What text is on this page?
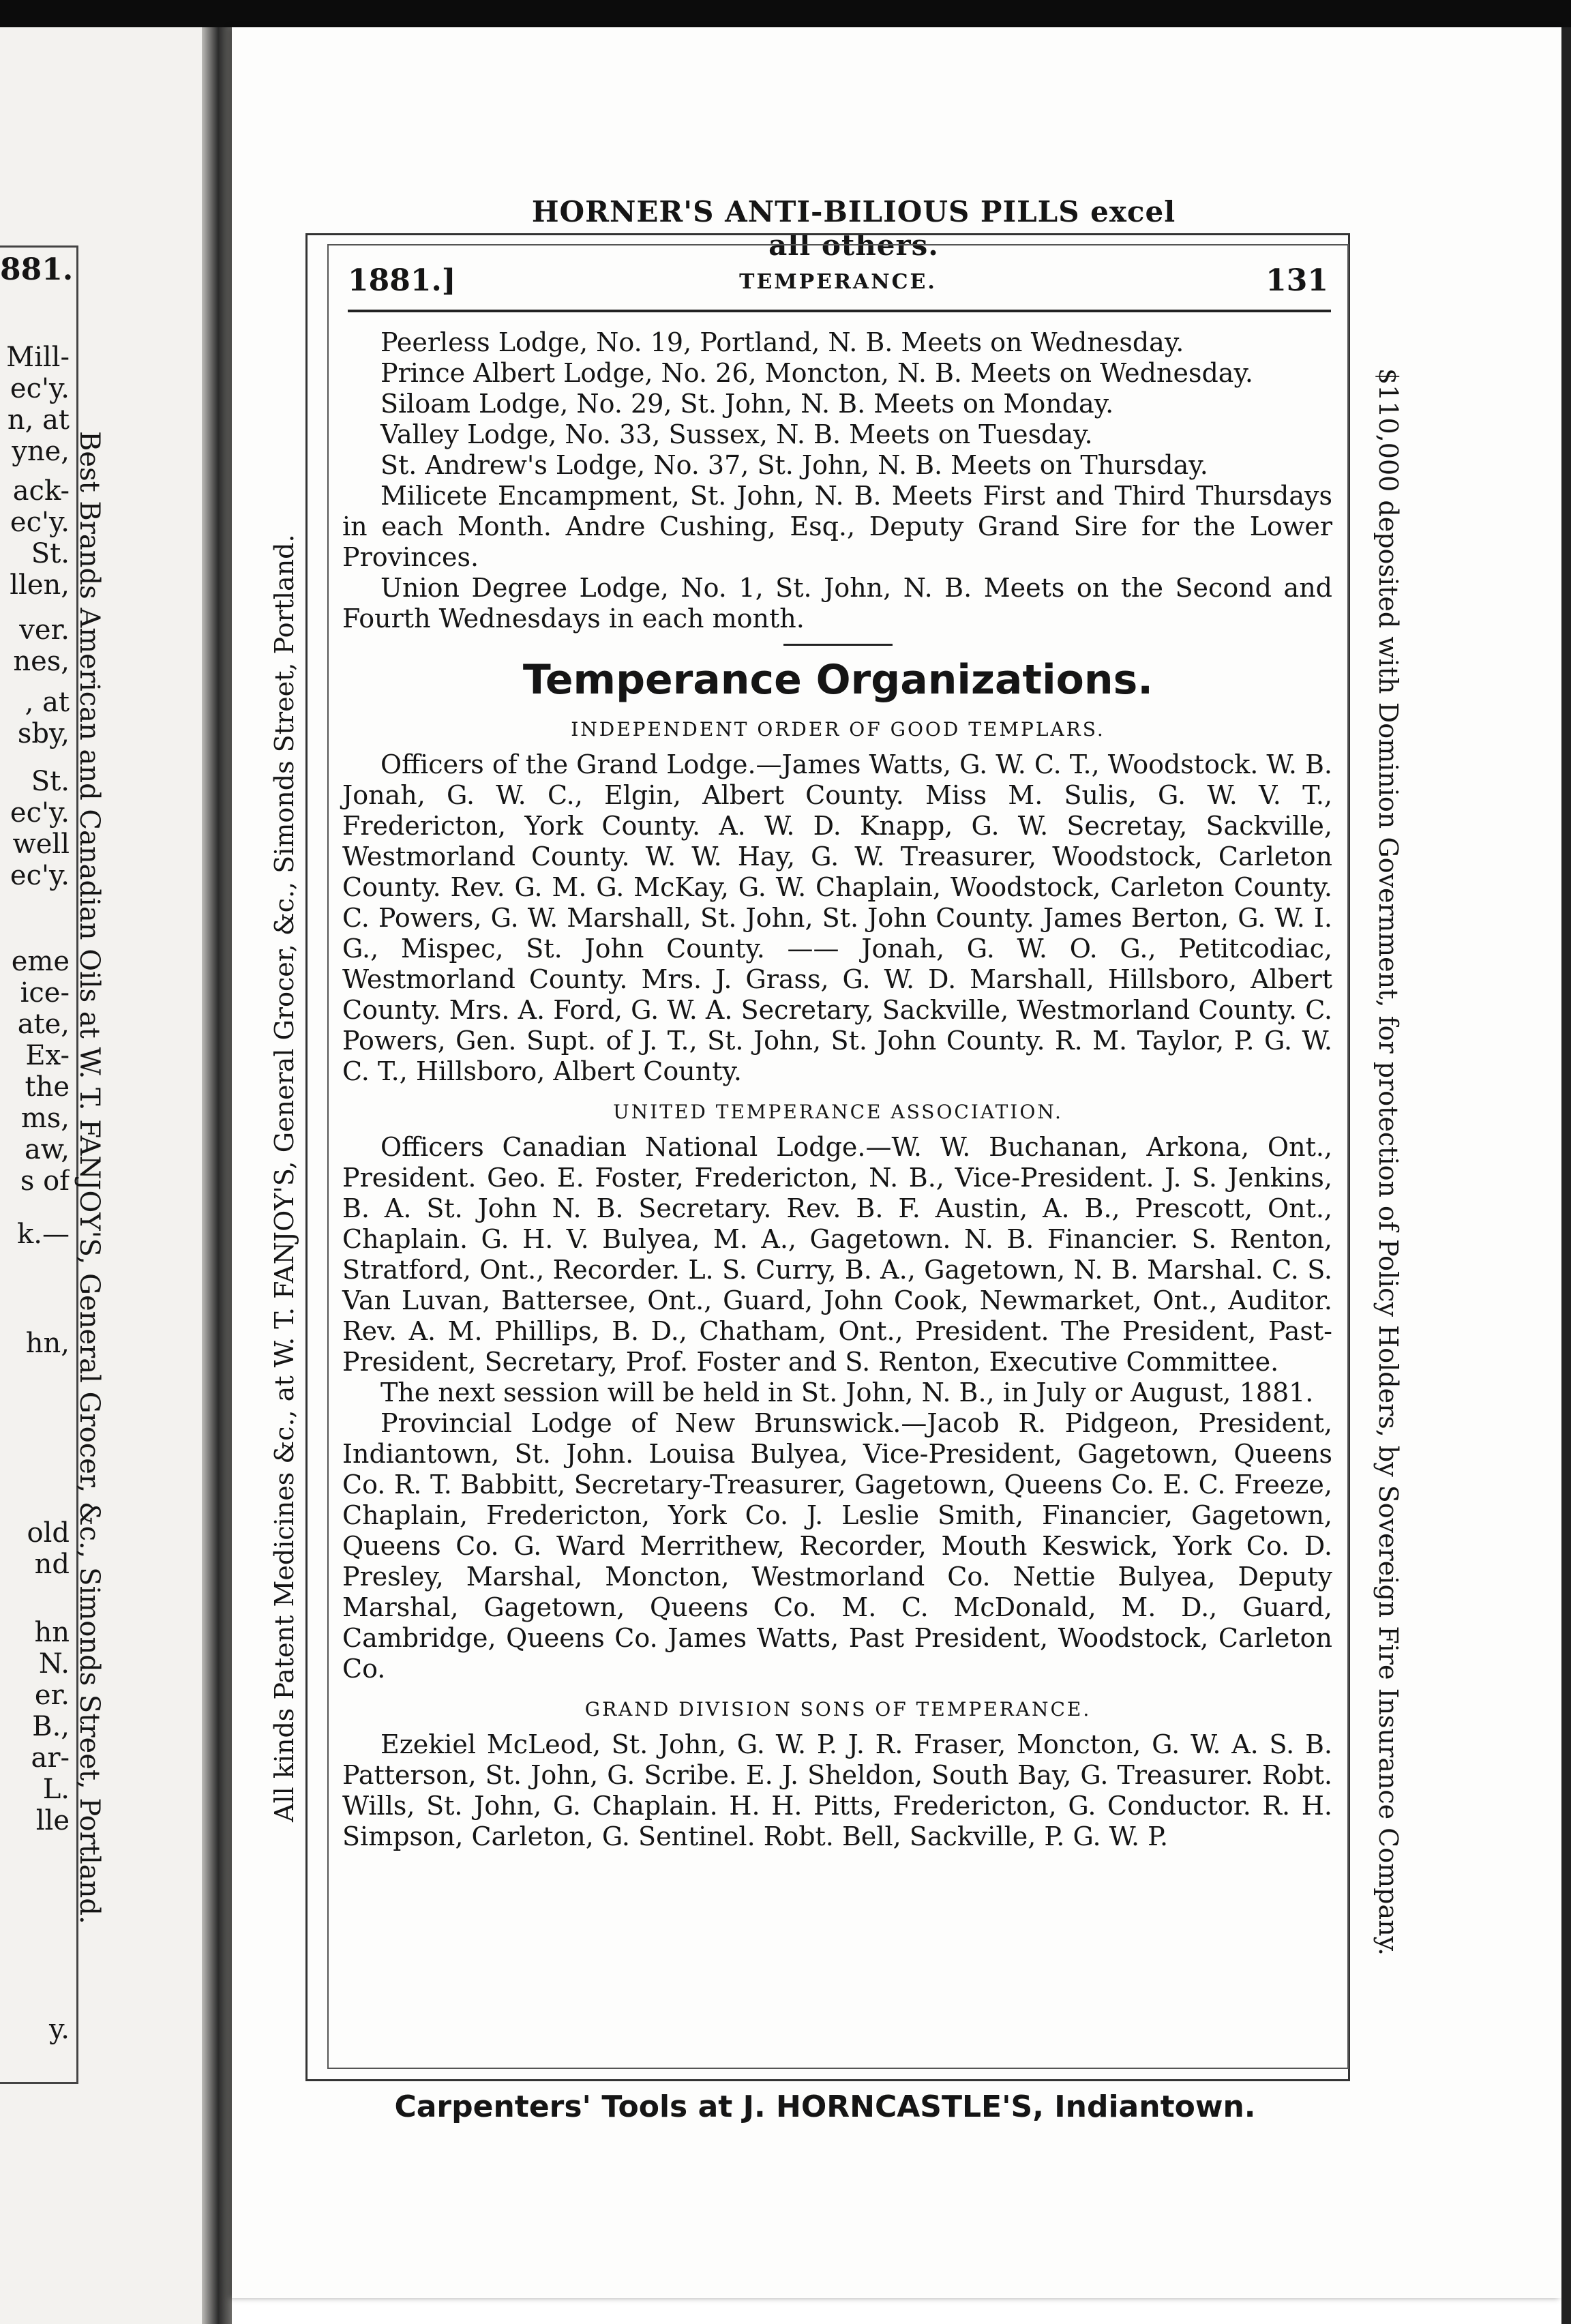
881.
Mill-
ec'y.
n, at
yne,
ack-
ec'y.
St.
llen,
ver.
nes,
, at
sby,
St.
ec'y.
well
ec'y.
eme
ice-
ate,
Ex-
the
ms,
aw,
s of
k.—
hn,
old
nd
hn
N.
er.
B.,
ar-
L.
lle
y.
Best Brands American and Canadian Oils at W. T. FANJOY'S, General Grocer, &c., Simonds Street, Portland.
HORNER'S ANTI-BILIOUS PILLS excel all others.
All kinds Patent Medicines &c., at W. T. FANJOY'S, General Grocer, &c., Simonds Street, Portland.	$110,000 deposited with Dominion Government, for protection of Policy Holders, by Sovereign Fire Insurance Company.
1881.]	TEMPERANCE.	131

Peerless Lodge, No. 19, Portland, N. B. Meets on Wednesday.

Prince Albert Lodge, No. 26, Moncton, N. B. Meets on Wednesday.

Siloam Lodge, No. 29, St. John, N. B. Meets on Monday.

Valley Lodge, No. 33, Sussex, N. B. Meets on Tuesday.

St. Andrew's Lodge, No. 37, St. John, N. B. Meets on Thursday.

Milicete Encampment, St. John, N. B. Meets First and Third Thursdays in each Month. Andre Cushing, Esq., Deputy Grand Sire for the Lower Provinces.

Union Degree Lodge, No. 1, St. John, N. B. Meets on the Second and Fourth Wednesdays in each month.

Temperance Organizations.
INDEPENDENT ORDER OF GOOD TEMPLARS.

Officers of the Grand Lodge.—James Watts, G. W. C. T., Woodstock. W. B. Jonah, G. W. C., Elgin, Albert County. Miss M. Sulis, G. W. V. T., Fredericton, York County. A. W. D. Knapp, G. W. Secretay, Sackville, Westmorland County. W. W. Hay, G. W. Treasurer, Woodstock, Carleton County. Rev. G. M. G. McKay, G. W. Chaplain, Woodstock, Carleton County. C. Powers, G. W. Marshall, St. John, St. John County. James Berton, G. W. I. G., Mispec, St. John County. —— Jonah, G. W. O. G., Petitcodiac, Westmorland County. Mrs. J. Grass, G. W. D. Marshall, Hillsboro, Albert County. Mrs. A. Ford, G. W. A. Secretary, Sackville, Westmorland County. C. Powers, Gen. Supt. of J. T., St. John, St. John County. R. M. Taylor, P. G. W. C. T., Hillsboro, Albert County.

UNITED TEMPERANCE ASSOCIATION.

Officers Canadian National Lodge.—W. W. Buchanan, Arkona, Ont., President. Geo. E. Foster, Fredericton, N. B., Vice-President. J. S. Jenkins, B. A. St. John N. B. Secretary. Rev. B. F. Austin, A. B., Prescott, Ont., Chaplain. G. H. V. Bulyea, M. A., Gagetown. N. B. Financier. S. Renton, Stratford, Ont., Recorder. L. S. Curry, B. A., Gagetown, N. B. Marshal. C. S. Van Luvan, Battersee, Ont., Guard, John Cook, Newmarket, Ont., Auditor. Rev. A. M. Phillips, B. D., Chatham, Ont., President. The President, Past-President, Secretary, Prof. Foster and S. Renton, Executive Committee.

The next session will be held in St. John, N. B., in July or August, 1881.

Provincial Lodge of New Brunswick.—Jacob R. Pidgeon, President, Indiantown, St. John. Louisa Bulyea, Vice-President, Gagetown, Queens Co. R. T. Babbitt, Secretary-Treasurer, Gagetown, Queens Co. E. C. Freeze, Chaplain, Fredericton, York Co. J. Leslie Smith, Financier, Gagetown, Queens Co. G. Ward Merrithew, Recorder, Mouth Keswick, York Co. D. Presley, Marshal, Moncton, Westmorland Co. Nettie Bulyea, Deputy Marshal, Gagetown, Queens Co. M. C. McDonald, M. D., Guard, Cambridge, Queens Co. James Watts, Past President, Woodstock, Carleton Co.

GRAND DIVISION SONS OF TEMPERANCE.

Ezekiel McLeod, St. John, G. W. P. J. R. Fraser, Moncton, G. W. A. S. B. Patterson, St. John, G. Scribe. E. J. Sheldon, South Bay, G. Treasurer. Robt. Wills, St. John, G. Chaplain. H. H. Pitts, Fredericton, G. Conductor. R. H. Simpson, Carleton, G. Sentinel. Robt. Bell, Sackville, P. G. W. P.

Carpenters' Tools at J. HORNCASTLE'S, Indiantown.
